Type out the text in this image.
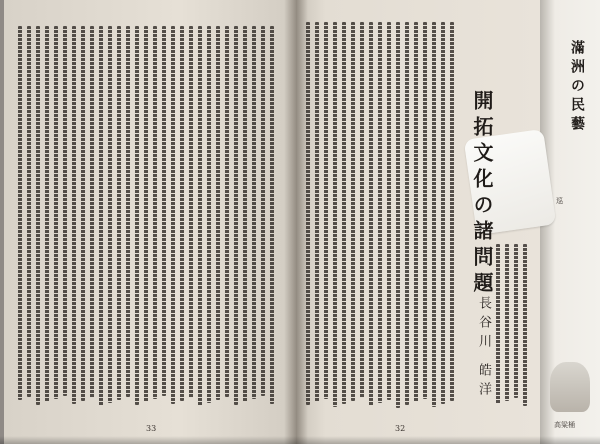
開拓文化の諸問題
長谷川 皓洋
滿洲の民藝
巡
高粱桶
33	32
